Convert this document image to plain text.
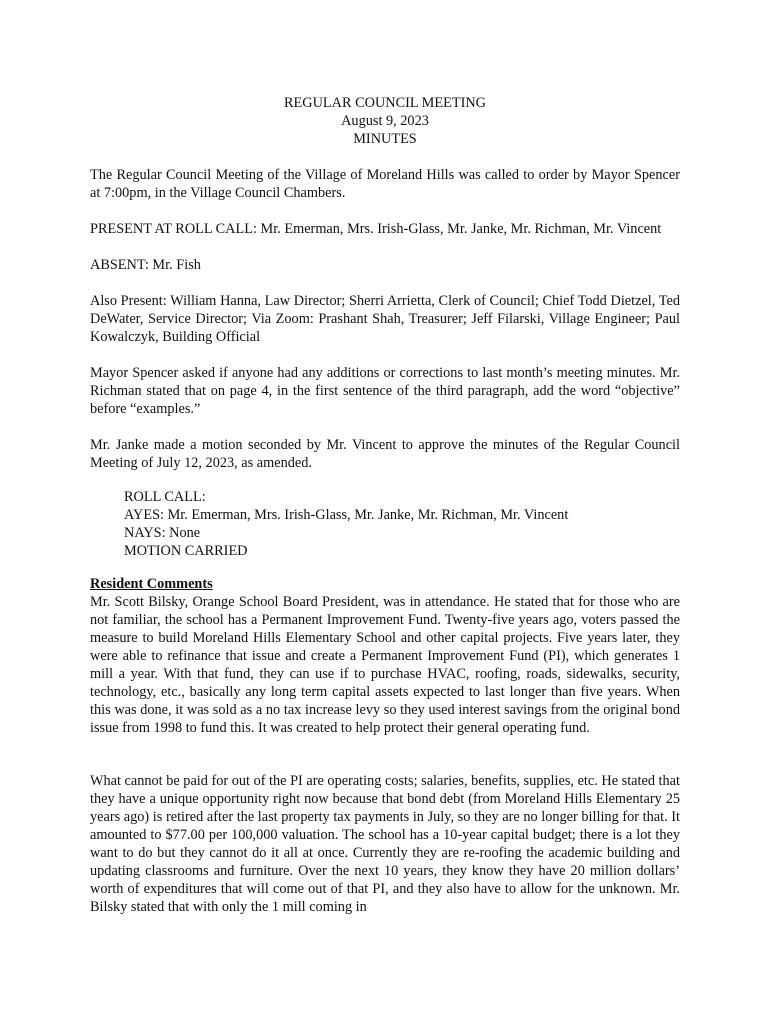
REGULAR COUNCIL MEETING
August 9, 2023
MINUTES

The Regular Council Meeting of the Village of Moreland Hills was called to order by Mayor Spencer at 7:00pm, in the Village Council Chambers.

PRESENT AT ROLL CALL: Mr. Emerman, Mrs. Irish-Glass, Mr. Janke, Mr. Richman, Mr. Vincent

ABSENT: Mr. Fish

Also Present: William Hanna, Law Director; Sherri Arrietta, Clerk of Council; Chief Todd Dietzel, Ted DeWater, Service Director; Via Zoom: Prashant Shah, Treasurer; Jeff Filarski, Village Engineer; Paul Kowalczyk, Building Official

Mayor Spencer asked if anyone had any additions or corrections to last month’s meeting minutes. Mr. Richman stated that on page 4, in the first sentence of the third paragraph, add the word “objective” before “examples.”

Mr. Janke made a motion seconded by Mr. Vincent to approve the minutes of the Regular Council Meeting of July 12, 2023, as amended.

ROLL CALL:
AYES: Mr. Emerman, Mrs. Irish-Glass, Mr. Janke, Mr. Richman, Mr. Vincent
NAYS: None
MOTION CARRIED
Resident Comments

Mr. Scott Bilsky, Orange School Board President, was in attendance. He stated that for those who are not familiar, the school has a Permanent Improvement Fund. Twenty-five years ago, voters passed the measure to build Moreland Hills Elementary School and other capital projects. Five years later, they were able to refinance that issue and create a Permanent Improvement Fund (PI), which generates 1 mill a year. With that fund, they can use if to purchase HVAC, roofing, roads, sidewalks, security, technology, etc., basically any long term capital assets expected to last longer than five years. When this was done, it was sold as a no tax increase levy so they used interest savings from the original bond issue from 1998 to fund this. It was created to help protect their general operating fund.

What cannot be paid for out of the PI are operating costs; salaries, benefits, supplies, etc. He stated that they have a unique opportunity right now because that bond debt (from Moreland Hills Elementary 25 years ago) is retired after the last property tax payments in July, so they are no longer billing for that. It amounted to $77.00 per 100,000 valuation. The school has a 10-year capital budget; there is a lot they want to do but they cannot do it all at once. Currently they are re-roofing the academic building and updating classrooms and furniture. Over the next 10 years, they know they have 20 million dollars’ worth of expenditures that will come out of that PI, and they also have to allow for the unknown. Mr. Bilsky stated that with only the 1 mill coming in
